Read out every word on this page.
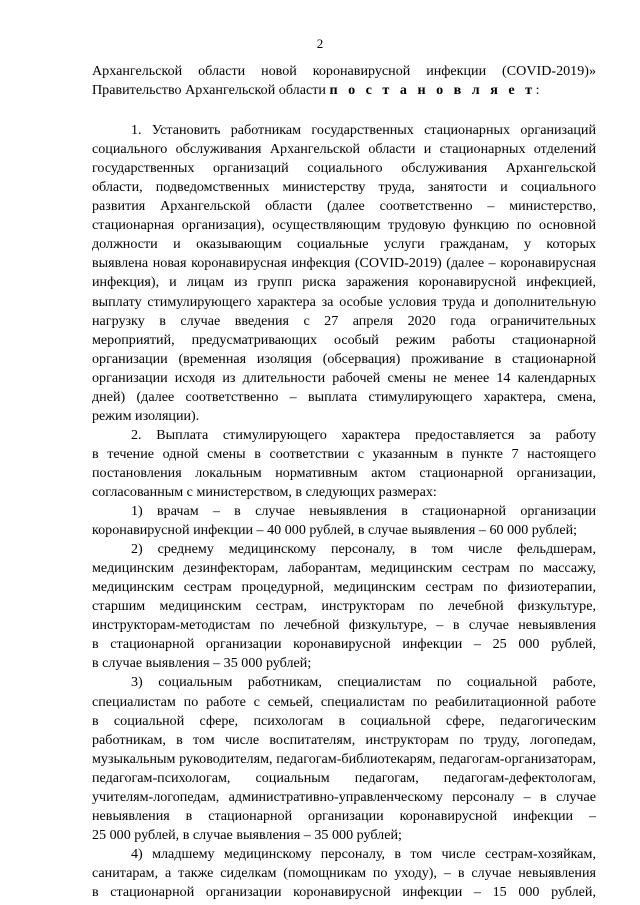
2
Архангельской области новой коронавирусной инфекции (COVID-2019)»
Правительство Архангельской области п о с т а н о в л я е т:
1. Установить работникам государственных стационарных организаций
социального обслуживания Архангельской области и стационарных отделений
государственных организаций социального обслуживания Архангельской
области, подведомственных министерству труда, занятости и социального
развития Архангельской области (далее соответственно – министерство,
стационарная организация), осуществляющим трудовую функцию по основной
должности и оказывающим социальные услуги гражданам, у которых
выявлена новая коронавирусная инфекция (COVID-2019) (далее – коронавирусная
инфекция), и лицам из групп риска заражения коронавирусной инфекцией,
выплату стимулирующего характера за особые условия труда и дополнительную
нагрузку в случае введения с 27 апреля 2020 года ограничительных
мероприятий, предусматривающих особый режим работы стационарной
организации (временная изоляция (обсервация) проживание в стационарной
организации исходя из длительности рабочей смены не менее 14 календарных
дней) (далее соответственно – выплата стимулирующего характера, смена,
режим изоляции).
2. Выплата стимулирующего характера предоставляется за работу
в течение одной смены в соответствии с указанным в пункте 7 настоящего
постановления локальным нормативным актом стационарной организации,
согласованным с министерством, в следующих размерах:
1) врачам – в случае невыявления в стационарной организации
коронавирусной инфекции – 40 000 рублей, в случае выявления – 60 000 рублей;
2) среднему медицинскому персоналу, в том числе фельдшерам,
медицинским дезинфекторам, лаборантам, медицинским сестрам по массажу,
медицинским сестрам процедурной, медицинским сестрам по физиотерапии,
старшим медицинским сестрам, инструкторам по лечебной физкультуре,
инструкторам-методистам по лечебной физкультуре, – в случае невыявления
в стационарной организации коронавирусной инфекции – 25 000 рублей,
в случае выявления – 35 000 рублей;
3) социальным работникам, специалистам по социальной работе,
специалистам по работе с семьей, специалистам по реабилитационной работе
в социальной сфере, психологам в социальной сфере, педагогическим
работникам, в том числе воспитателям, инструкторам по труду, логопедам,
музыкальным руководителям, педагогам-библиотекарям, педагогам-организаторам,
педагогам-психологам, социальным педагогам, педагогам-дефектологам,
учителям-логопедам, административно-управленческому персоналу – в случае
невыявления в стационарной организации коронавирусной инфекции –
25 000 рублей, в случае выявления – 35 000 рублей;
4) младшему медицинскому персоналу, в том числе сестрам-хозяйкам,
санитарам, а также сиделкам (помощникам по уходу), – в случае невыявления
в стационарной организации коронавирусной инфекции – 15 000 рублей,
